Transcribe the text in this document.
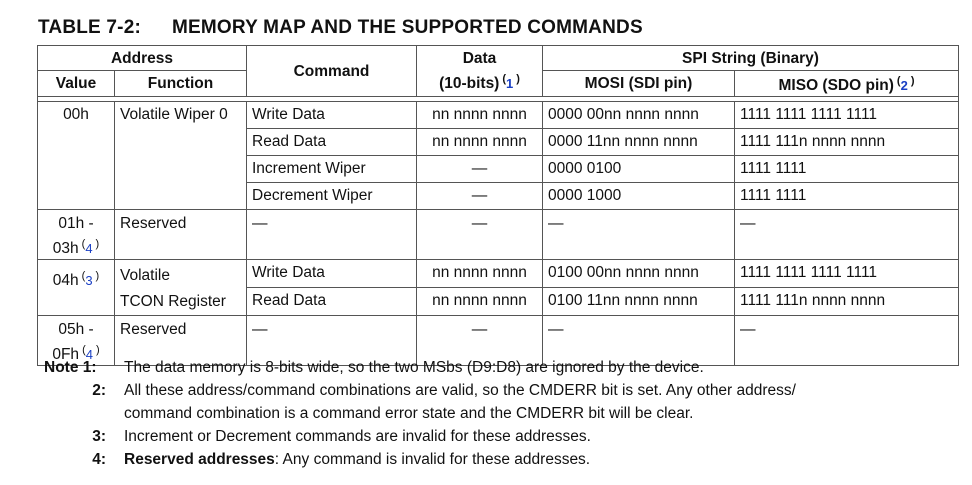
TABLE 7-2: MEMORY MAP AND THE SUPPORTED COMMANDS
Address		Command	Data
(10-bits) (1 )	SPI String (Binary)	
Value	Function			MOSI (SDI pin)	MISO (SDO pin) (2 )

00h	Volatile Wiper 0	Write Data	nn nnnn nnnn	0000 00nn nnnn nnnn	1111 1111 1111 1111
		Read Data	nn nnnn nnnn	0000 11nn nnnn nnnn	1111 111n nnnn nnnn
		Increment Wiper	—	0000 0100	1111 1111
		Decrement Wiper	—	0000 1000	1111 1111

01h -
03h (4 )	Reserved	—	—	—	—
04h (3 )	Volatile
TCON Register	Write Data	nn nnnn nnnn	0100 00nn nnnn nnnn	1111 1111 1111 1111
		Read Data	nn nnnn nnnn	0100 11nn nnnn nnnn	1111 111n nnnn nnnn

05h -
0Fh (4 )	Reserved	—	—	—	—
Note 1:	The data memory is 8-bits wide, so the two MSbs (D9:D8) are ignored by the device.
2: All these address/command combinations are valid, so the CMDERR bit is set. Any other address/
command combination is a command error state and the CMDERR bit will be clear.
3: Increment or Decrement commands are invalid for these addresses.
4: Reserved addresses: Any command is invalid for these addresses.
